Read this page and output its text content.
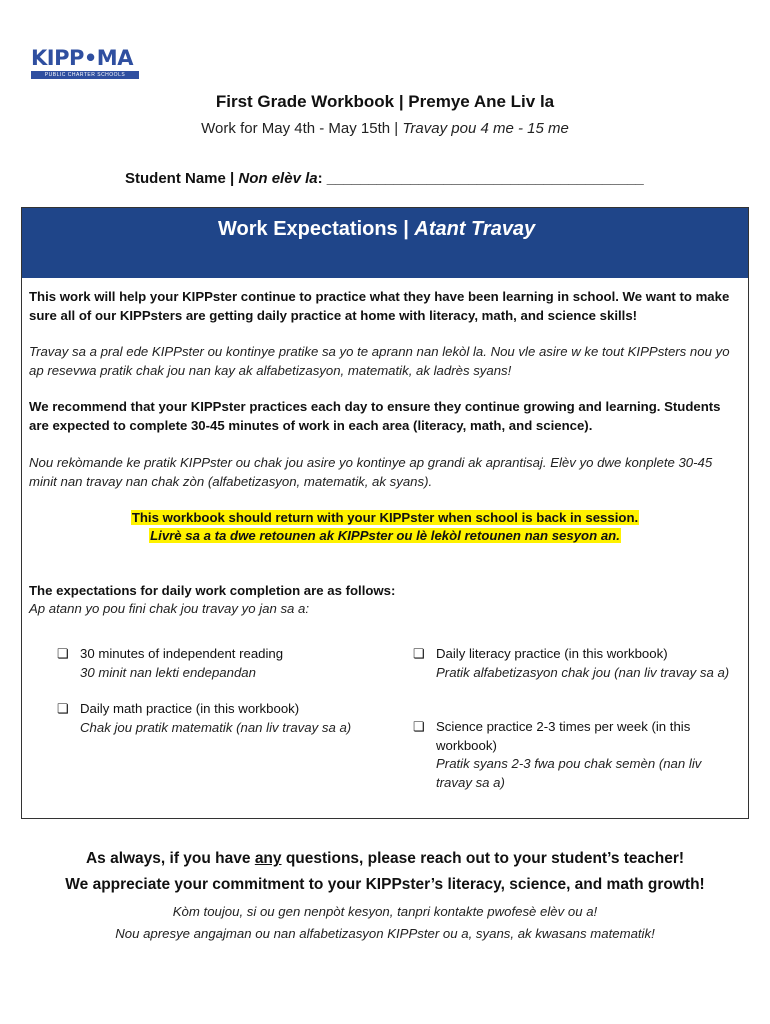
KIPP•MA
PUBLIC CHARTER SCHOOLS
First Grade Workbook | Premye Ane Liv la
Work for May 4th - May 15th | Travay pou 4 me - 15 me
Student Name | Non elèv la: ______________________________________
Work Expectations | Atant Travay
This work will help your KIPPster continue to practice what they have been learning in school. We want to make sure all of our KIPPsters are getting daily practice at home with literacy, math, and science skills!
Travay sa a pral ede KIPPster ou kontinye pratike sa yo te aprann nan lekòl la. Nou vle asire w ke tout KIPPsters nou yo ap resevwa pratik chak jou nan kay ak alfabetizasyon, matematik, ak ladrès syans!
We recommend that your KIPPster practices each day to ensure they continue growing and learning. Students are expected to complete 30-45 minutes of work in each area (literacy, math, and science).
Nou rekòmande ke pratik KIPPster ou chak jou asire yo kontinye ap grandi ak aprantisaj. Elèv yo dwe konplete 30-45 minit nan travay nan chak zòn (alfabetizasyon, matematik, ak syans).
This workbook should return with your KIPPster when school is back in session.
Livrè sa a ta dwe retounen ak KIPPster ou lè lekòl retounen nan sesyon an.
The expectations for daily work completion are as follows:
Ap atann yo pou fini chak jou travay yo jan sa a:
❏ 30 minutes of independent reading
30 minit nan lekti endepandan
❏ Daily math practice (in this workbook)
Chak jou pratik matematik (nan liv travay sa a)
❏ Daily literacy practice (in this workbook)
Pratik alfabetizasyon chak jou (nan liv travay sa a)
❏ Science practice 2-3 times per week (in this workbook)
Pratik syans 2-3 fwa pou chak semèn (nan liv travay sa a)
As always, if you have any questions, please reach out to your student’s teacher!
We appreciate your commitment to your KIPPster’s literacy, science, and math growth!
Kòm toujou, si ou gen nenpòt kesyon, tanpri kontakte pwofesè elèv ou a!
Nou apresye angajman ou nan alfabetizasyon KIPPster ou a, syans, ak kwasans matematik!
